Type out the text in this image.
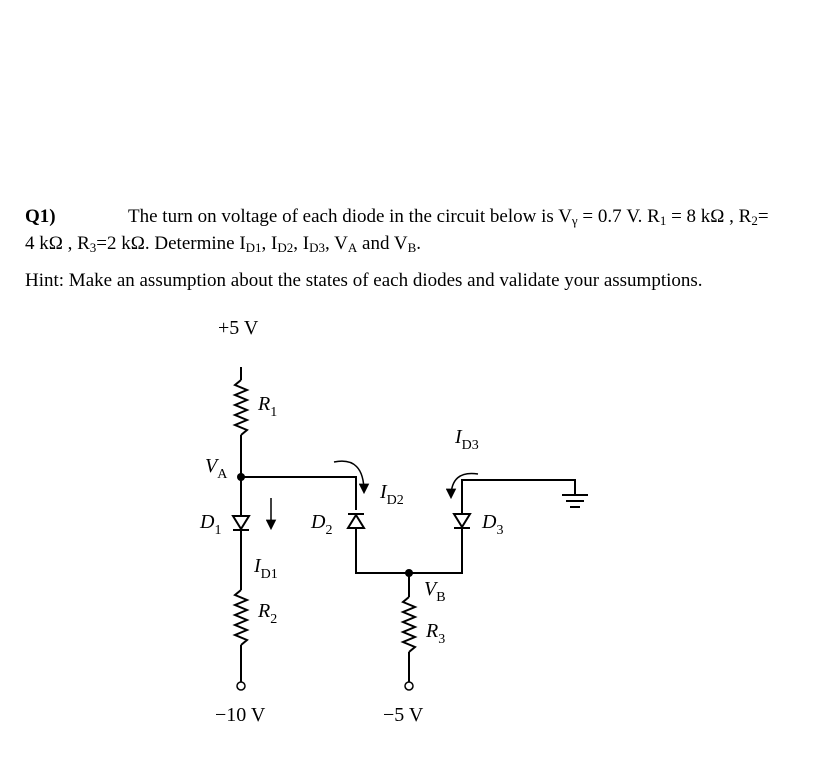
Q1)	The turn on voltage of each diode in the circuit below is $V_\gamma = 0.7$ V. $R_1 = 8$ kΩ , $R_2=$
4 kΩ , $R_3=2$ kΩ. Determine $I_{D1}$, $I_{D2}$, $I_{D3}$, $V_A$ and $V_B$.
Hint: Make an assumption about the states of each diodes and validate your assumptions.
+5 V
$R_1$
$V_A$
$D_1$
$I_{D1}$
$R_2$
−10 V
$D_2$
$I_{D2}$
$V_B$
$R_3$
−5 V
$D_3$
$I_{D3}$
